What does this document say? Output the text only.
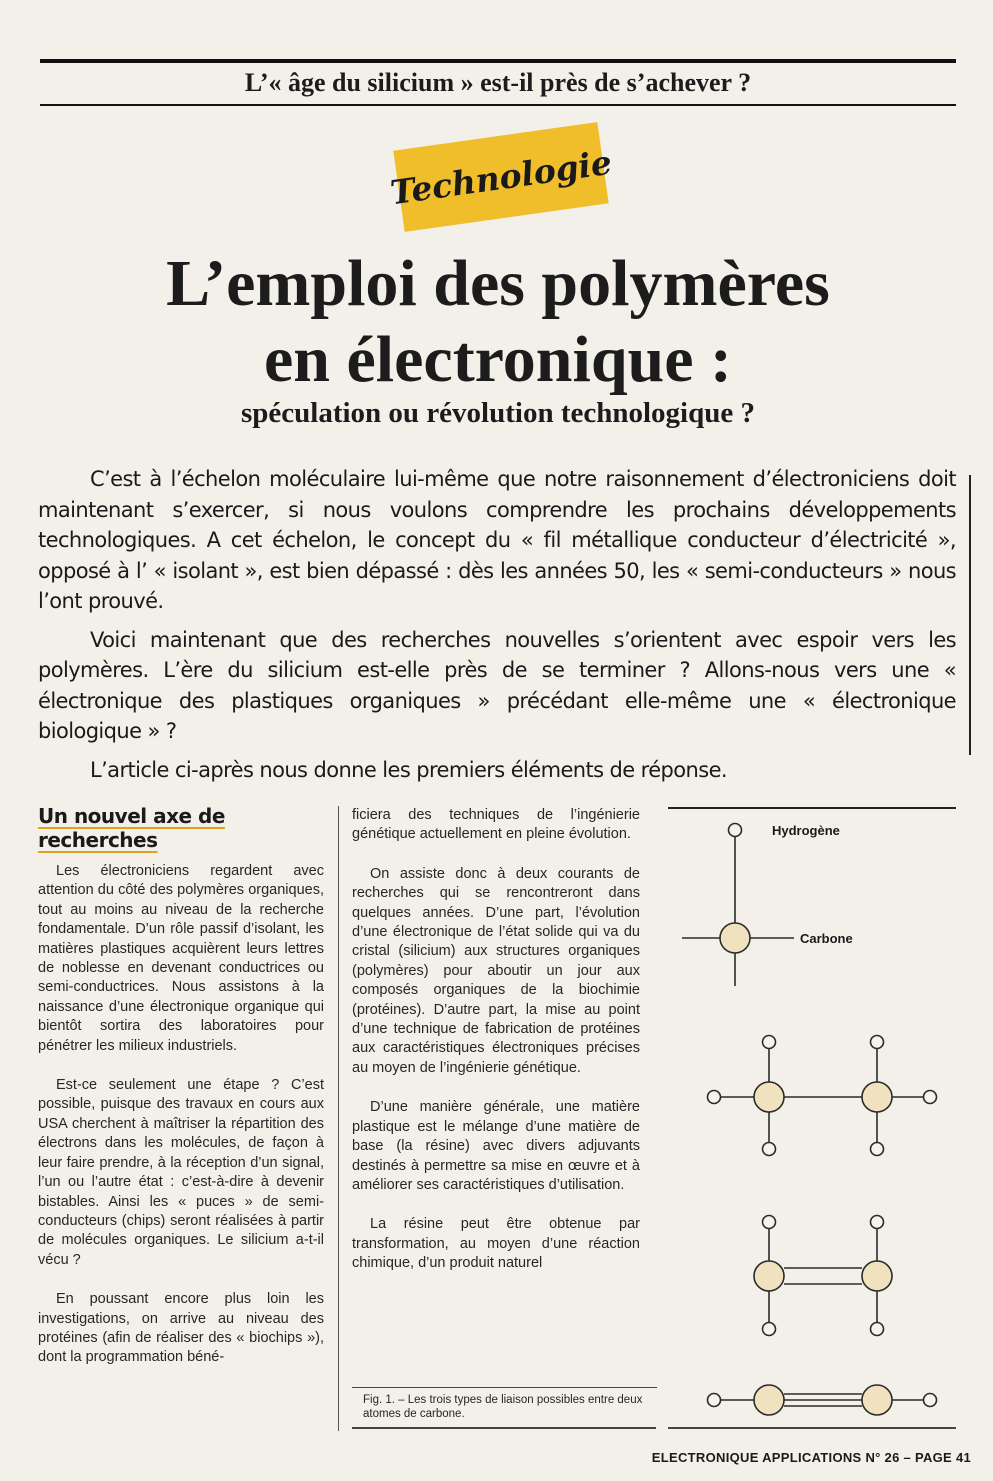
L’« âge du silicium » est-il près de s’achever ?
Technologie
L’emploi des polymères
en électronique :
spéculation ou révolution technologique ?

C’est à l’échelon moléculaire lui-même que notre raisonnement d’électroniciens doit maintenant s’exercer, si nous voulons comprendre les prochains développements technologiques. A cet échelon, le concept du « fil métallique conducteur d’électricité », opposé à l’ « isolant », est bien dépassé : dès les années 50, les « semi-conducteurs » nous l’ont prouvé.

Voici maintenant que des recherches nouvelles s’orientent avec espoir vers les polymères. L’ère du silicium est-elle près de se terminer ? Allons-nous vers une « électronique des plastiques organiques » précédant elle-même une « électronique biologique » ?

L’article ci-après nous donne les premiers éléments de réponse.

Un nouvel axe de recherches

Les électroniciens regardent avec attention du côté des polymères organiques, tout au moins au niveau de la recherche fondamentale. D’un rôle passif d’isolant, les matières plastiques acquièrent leurs lettres de noblesse en devenant conductrices ou semi-conductrices. Nous assistons à la naissance d’une électronique organique qui bientôt sortira des laboratoires pour pénétrer les milieux industriels.

Est-ce seulement une étape ? C’est possible, puisque des travaux en cours aux USA cherchent à maîtriser la répartition des électrons dans les molécules, de façon à leur faire prendre, à la réception d’un signal, l’un ou l’autre état : c’est-à-dire à devenir bistables. Ainsi les « puces » de semi-conducteurs (chips) seront réalisées à partir de molécules organiques. Le silicium a-t-il vécu ?

En poussant encore plus loin les investigations, on arrive au niveau des protéines (afin de réaliser des « biochips »), dont la programmation béné-

ficiera des techniques de l’ingénierie génétique actuellement en pleine évolution.

On assiste donc à deux courants de recherches qui se rencontreront dans quelques années. D’une part, l’évolution d’une électronique de l’état solide qui va du cristal (silicium) aux structures organiques (polymères) pour aboutir un jour aux composés organiques de la biochimie (protéines). D’autre part, la mise au point d’une technique de fabrication de protéines aux caractéristiques électroniques précises au moyen de l’ingénierie génétique.

D’une manière générale, une matière plastique est le mélange d’une matière de base (la résine) avec divers adjuvants destinés à permettre sa mise en œuvre et à améliorer ses caractéristiques d’utilisation.

La résine peut être obtenue par transformation, au moyen d’une réaction chimique, d’un produit naturel

Fig. 1. – Les trois types de liaison possibles entre deux atomes de carbone.
Hydrogène
Carbone
ELECTRONIQUE APPLICATIONS N° 26 – PAGE 41
